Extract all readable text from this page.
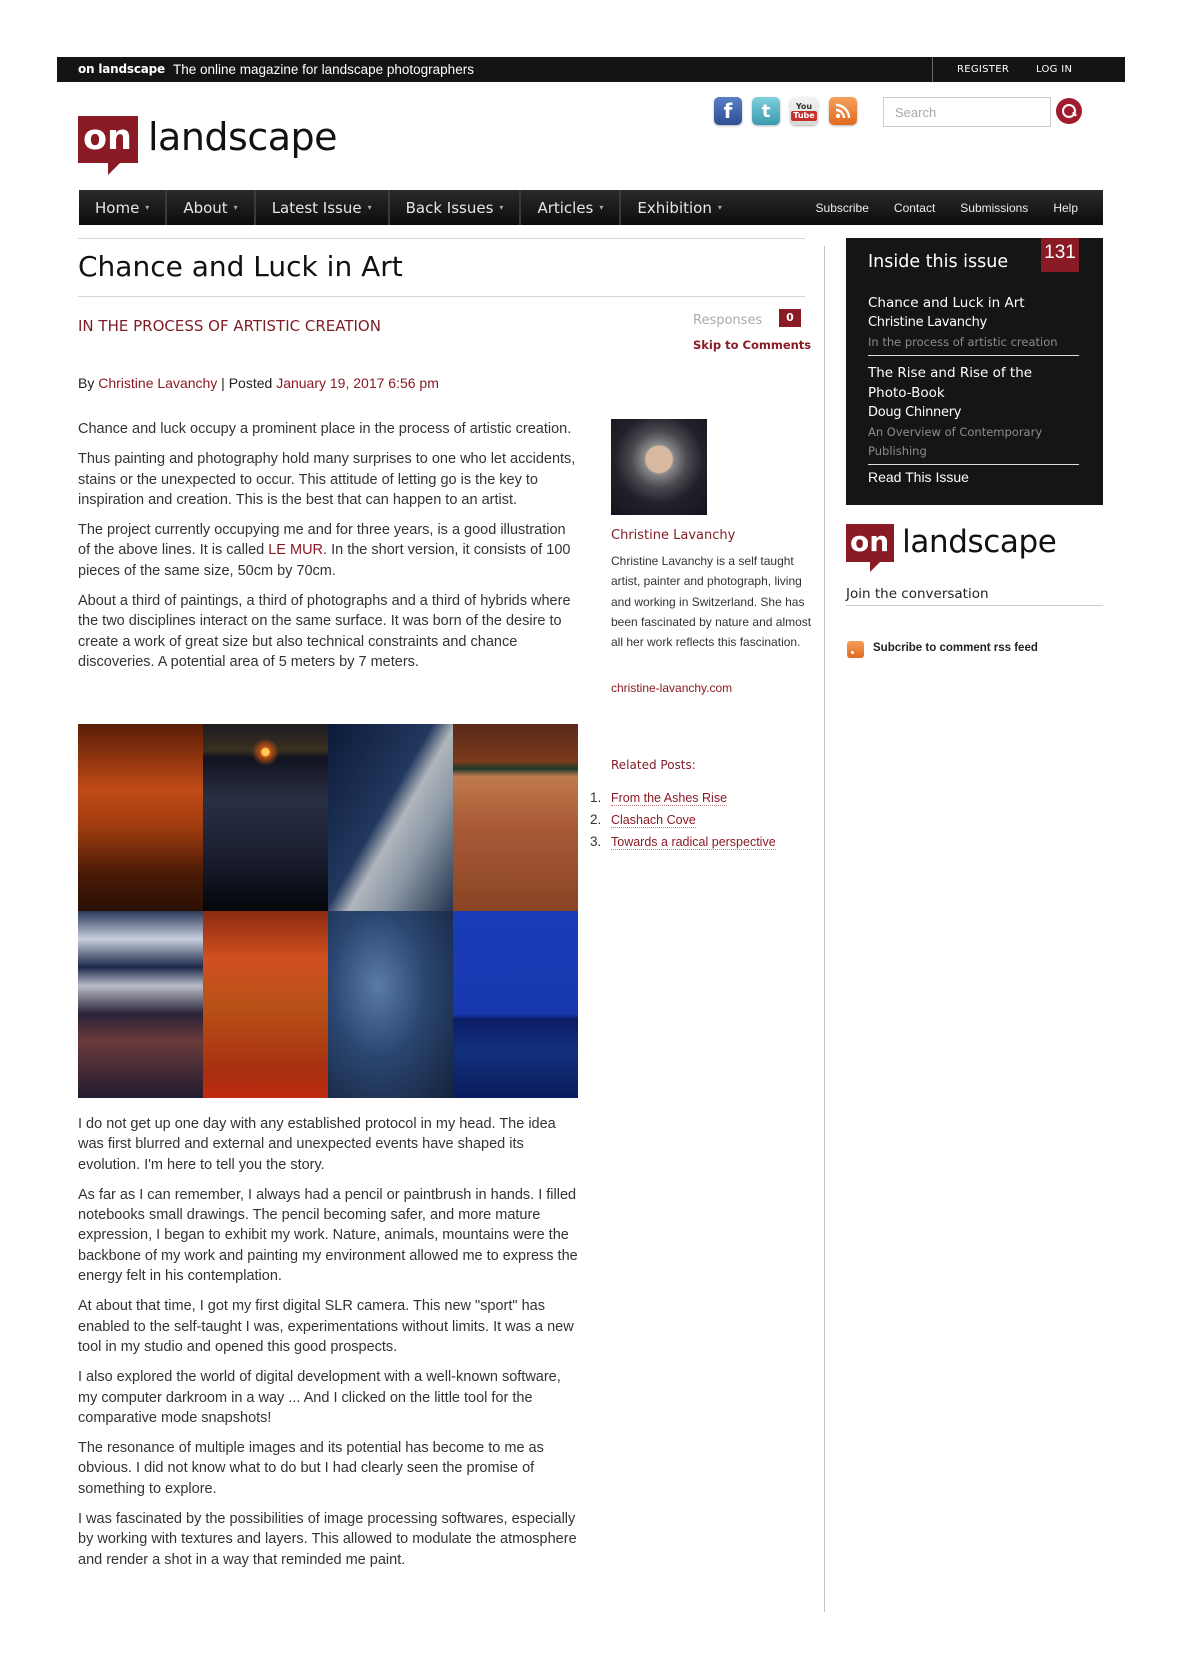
on landscape The online magazine for landscape photographers	REGISTER	LOG IN
on landscape
f	t	You
Tube	Search
Home ▾ About ▾ Latest Issue ▾ Back Issues ▾ Articles ▾ Exhibition ▾	Subscribe Contact Submissions Help
Chance and Luck in Art
IN THE PROCESS OF ARTISTIC CREATION	Responses	0
Skip to Comments
By Christine Lavanchy | Posted January 19, 2017 6:56 pm

Chance and luck occupy a prominent place in the process of artistic creation.

Thus painting and photography hold many surprises to one who let accidents, stains or the unexpected to occur. This attitude of letting go is the key to inspiration and creation. This is the best that can happen to an artist.

The project currently occupying me and for three years, is a good illustration of the above lines. It is called LE MUR. In the short version, it consists of 100 pieces of the same size, 50cm by 70cm.

About a third of paintings, a third of photographs and a third of hybrids where the two disciplines interact on the same surface. It was born of the desire to create a work of great size but also technical constraints and chance discoveries. A potential area of 5 meters by 7 meters.

I do not get up one day with any established protocol in my head. The idea was first blurred and external and unexpected events have shaped its evolution. I'm here to tell you the story.

As far as I can remember, I always had a pencil or paintbrush in hands. I filled notebooks small drawings. The pencil becoming safer, and more mature expression, I began to exhibit my work. Nature, animals, mountains were the backbone of my work and painting my environment allowed me to express the energy felt in his contemplation.

At about that time, I got my first digital SLR camera. This new "sport" has enabled to the self-taught I was, experimentations without limits. It was a new tool in my studio and opened this good prospects.

I also explored the world of digital development with a well-known software, my computer darkroom in a way ... And I clicked on the little tool for the comparative mode snapshots!

The resonance of multiple images and its potential has become to me as obvious. I did not know what to do but I had clearly seen the promise of something to explore.

I was fascinated by the possibilities of image processing softwares, especially by working with textures and layers. This allowed to modulate the atmosphere and render a shot in a way that reminded me paint.

Christine Lavanchy
Christine Lavanchy is a self taught artist, painter and photograph, living and working in Switzerland. She has been fascinated by nature and almost all her work reflects this fascination.
christine-lavanchy.com
Related Posts:
1. From the Ashes Rise
2. Clashach Cove
3. Towards a radical perspective
Inside this issue 131
Chance and Luck in Art
Christine Lavanchy
In the process of artistic creation
The Rise and Rise of the Photo-Book
Doug Chinnery
An Overview of Contemporary Publishing
Read This Issue
on landscape
Join the conversation
Subcribe to comment rss feed
